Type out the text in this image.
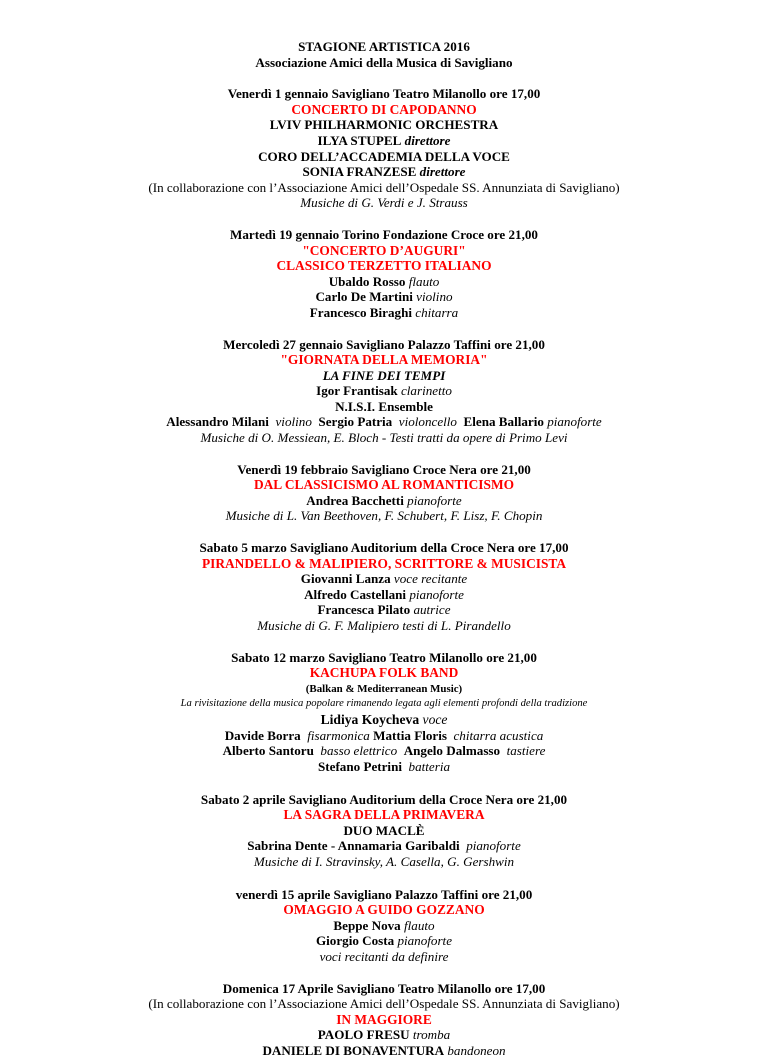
STAGIONE ARTISTICA 2016
Associazione Amici della Musica di Savigliano
Venerdì 1 gennaio Savigliano Teatro Milanollo ore 17,00
CONCERTO DI CAPODANNO
LVIV PHILHARMONIC ORCHESTRA
ILYA STUPEL direttore
CORO DELL’ACCADEMIA DELLA VOCE
SONIA FRANZESE direttore
(In collaborazione con l’Associazione Amici dell’Ospedale SS. Annunziata di Savigliano)
Musiche di G. Verdi e J. Strauss
Martedì 19 gennaio Torino Fondazione Croce ore 21,00
"CONCERTO D’AUGURI"
CLASSICO TERZETTO ITALIANO
Ubaldo Rosso flauto
Carlo De Martini violino
Francesco Biraghi chitarra
Mercoledì 27 gennaio Savigliano Palazzo Taffini ore 21,00
"GIORNATA DELLA MEMORIA"
LA FINE DEI TEMPI
Igor Frantisak clarinetto
N.I.S.I. Ensemble
Alessandro Milani violino Sergio Patria violoncello Elena Ballario pianoforte
Musiche di O. Messiean, E. Bloch - Testi tratti da opere di Primo Levi
Venerdì 19 febbraio Savigliano Croce Nera ore 21,00
DAL CLASSICISMO AL ROMANTICISMO
Andrea Bacchetti pianoforte
Musiche di L. Van Beethoven, F. Schubert, F. Lisz, F. Chopin
Sabato 5 marzo Savigliano Auditorium della Croce Nera ore 17,00
PIRANDELLO & MALIPIERO, SCRITTORE & MUSICISTA
Giovanni Lanza voce recitante
Alfredo Castellani pianoforte
Francesca Pilato autrice
Musiche di G. F. Malipiero testi di L. Pirandello
Sabato 12 marzo Savigliano Teatro Milanollo ore 21,00
KACHUPA FOLK BAND
(Balkan & Mediterranean Music)
La rivisitazione della musica popolare rimanendo legata agli elementi profondi della tradizione
Lidiya Koycheva voce
Davide Borra fisarmonica Mattia Floris chitarra acustica
Alberto Santoru basso elettrico Angelo Dalmasso tastiere
Stefano Petrini batteria
Sabato 2 aprile Savigliano Auditorium della Croce Nera ore 21,00
LA SAGRA DELLA PRIMAVERA
DUO MACLÈ
Sabrina Dente - Annamaria Garibaldi pianoforte
Musiche di I. Stravinsky, A. Casella, G. Gershwin
venerdì 15 aprile Savigliano Palazzo Taffini ore 21,00
OMAGGIO A GUIDO GOZZANO
Beppe Nova flauto
Giorgio Costa pianoforte
voci recitanti da definire
Domenica 17 Aprile Savigliano Teatro Milanollo ore 17,00
(In collaborazione con l’Associazione Amici dell’Ospedale SS. Annunziata di Savigliano)
IN MAGGIORE
PAOLO FRESU tromba
DANIELE DI BONAVENTURA bandoneon
